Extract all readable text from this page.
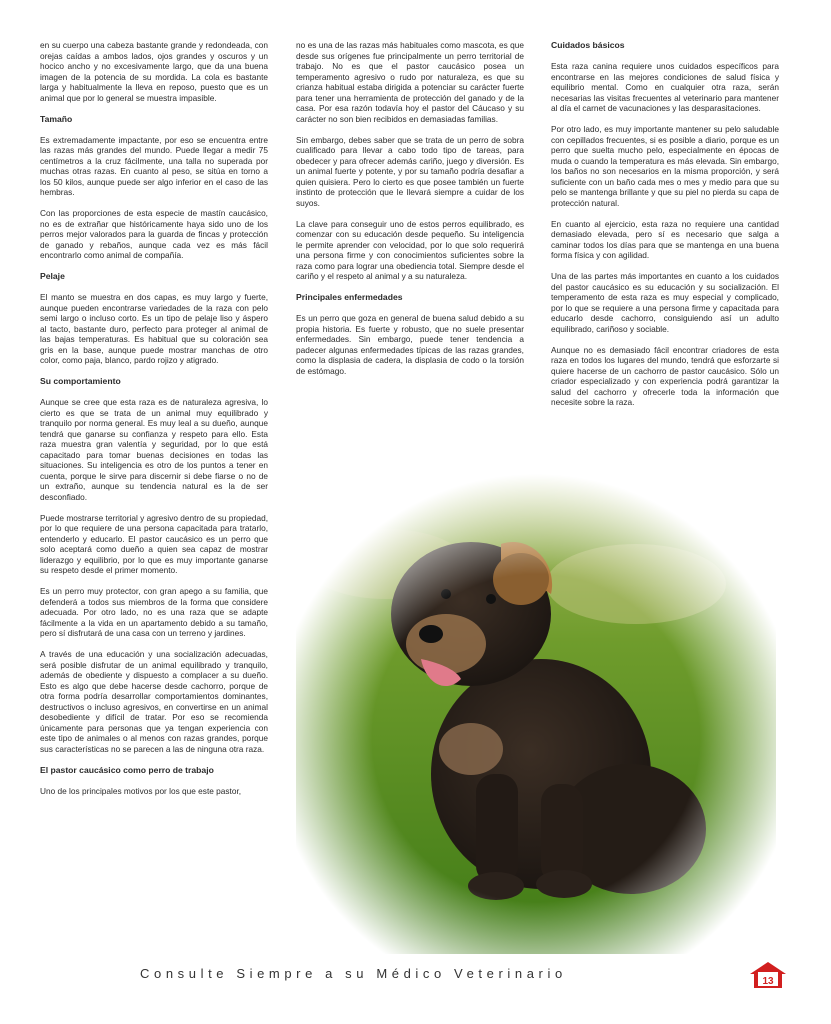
en su cuerpo una cabeza bastante grande y redondeada, con orejas caídas a ambos lados, ojos grandes y oscuros y un hocico ancho y no excesivamente largo, que da una buena imagen de la potencia de su mordida. La cola es bastante larga y habitualmente la lleva en reposo, puesto que es un animal que por lo general se muestra impasible.

Tamaño

Es extremadamente impactante, por eso se encuentra entre las razas más grandes del mundo. Puede llegar a medir 75 centímetros a la cruz fácilmente, una talla no superada por muchas otras razas. En cuanto al peso, se sitúa en torno a los 50 kilos, aunque puede ser algo inferior en el caso de las hembras.

Con las proporciones de esta especie de mastín caucásico, no es de extrañar que históricamente haya sido uno de los perros mejor valorados para la guarda de fincas y protección de ganado y rebaños, aunque cada vez es más fácil encontrarlo como animal de compañía.

Pelaje

El manto se muestra en dos capas, es muy largo y fuerte, aunque pueden encontrarse variedades de la raza con pelo semi largo o incluso corto. Es un tipo de pelaje liso y áspero al tacto, bastante duro, perfecto para proteger al animal de las bajas temperaturas. Es habitual que su coloración sea gris en la base, aunque puede mostrar manchas de otro color, como paja, blanco, pardo rojizo y atigrado.

Su comportamiento

Aunque se cree que esta raza es de naturaleza agresiva, lo cierto es que se trata de un animal muy equilibrado y tranquilo por norma general. Es muy leal a su dueño, aunque tendrá que ganarse su confianza y respeto para ello. Esta raza muestra gran valentía y seguridad, por lo que está capacitado para tomar buenas decisiones en todas las situaciones. Su inteligencia es otro de los puntos a tener en cuenta, porque le sirve para discernir si debe fiarse o no de un extraño, aunque su tendencia natural es la de ser desconfiado.

Puede mostrarse territorial y agresivo dentro de su propiedad, por lo que requiere de una persona capacitada para tratarlo, entenderlo y educarlo. El pastor caucásico es un perro que solo aceptará como dueño a quien sea capaz de mostrar liderazgo y equilibrio, por lo que es muy importante ganarse su respeto desde el primer momento.

Es un perro muy protector, con gran apego a su familia, que defenderá a todos sus miembros de la forma que considere adecuada. Por otro lado, no es una raza que se adapte fácilmente a la vida en un apartamento debido a su tamaño, pero sí disfrutará de una casa con un terreno y jardines.

A través de una educación y una socialización adecuadas, será posible disfrutar de un animal equilibrado y tranquilo, además de obediente y dispuesto a complacer a su dueño. Esto es algo que debe hacerse desde cachorro, porque de otra forma podría desarrollar comportamientos dominantes, destructivos o incluso agresivos, en convertirse en un animal desobediente y difícil de tratar. Por eso se recomienda únicamente para personas que ya tengan experiencia con este tipo de animales o al menos con razas grandes, porque sus características no se parecen a las de ninguna otra raza.

El pastor caucásico como perro de trabajo

Uno de los principales motivos por los que este pastor,

no es una de las razas más habituales como mascota, es que desde sus orígenes fue principalmente un perro territorial de trabajo. No es que el pastor caucásico posea un temperamento agresivo o rudo por naturaleza, es que su crianza habitual estaba dirigida a potenciar su carácter fuerte para tener una herramienta de protección del ganado y de la casa. Por esa razón todavía hoy el pastor del Cáucaso y su carácter no son bien recibidos en demasiadas familias.

Sin embargo, debes saber que se trata de un perro de sobra cualificado para llevar a cabo todo tipo de tareas, para obedecer y para ofrecer además cariño, juego y diversión. Es un animal fuerte y potente, y por su tamaño podría desafiar a quien quisiera. Pero lo cierto es que posee también un fuerte instinto de protección que le llevará siempre a cuidar de los suyos.

La clave para conseguir uno de estos perros equilibrado, es comenzar con su educación desde pequeño. Su inteligencia le permite aprender con velocidad, por lo que solo requerirá una persona firme y con conocimientos suficientes sobre la raza como para lograr una obediencia total. Siempre desde el cariño y el respeto al animal y a su naturaleza.

Principales enfermedades

Es un perro que goza en general de buena salud debido a su propia historia. Es fuerte y robusto, que no suele presentar enfermedades. Sin embargo, puede tener tendencia a padecer algunas enfermedades típicas de las razas grandes, como la displasia de cadera, la displasia de codo o la torsión de estómago.

Cuidados básicos

Esta raza canina requiere unos cuidados específicos para encontrarse en las mejores condiciones de salud física y equilibrio mental. Como en cualquier otra raza, serán necesarias las visitas frecuentes al veterinario para mantener al día el carnet de vacunaciones y las desparasitaciones.

Por otro lado, es muy importante mantener su pelo saludable con cepillados frecuentes, si es posible a diario, porque es un perro que suelta mucho pelo, especialmente en épocas de muda o cuando la temperatura es más elevada. Sin embargo, los baños no son necesarios en la misma proporción, y será suficiente con un baño cada mes o mes y medio para que su pelo se mantenga brillante y que su piel no pierda su capa de protección natural.

En cuanto al ejercicio, esta raza no requiere una cantidad demasiado elevada, pero sí es necesario que salga a caminar todos los días para que se mantenga en una buena forma física y con agilidad.

Una de las partes más importantes en cuanto a los cuidados del pastor caucásico es su educación y su socialización. El temperamento de esta raza es muy especial y complicado, por lo que se requiere a una persona firme y capacitada para educarlo desde cachorro, consiguiendo así un adulto equilibrado, cariñoso y sociable.

Aunque no es demasiado fácil encontrar criadores de esta raza en todos los lugares del mundo, tendrá que esforzarte si quiere hacerse de un cachorro de pastor caucásico. Sólo un criador especializado y con experiencia podrá garantizar la salud del cachorro y ofrecerle toda la información que necesite sobre la raza.

Consulte Siempre a su Médico Veterinario
13
